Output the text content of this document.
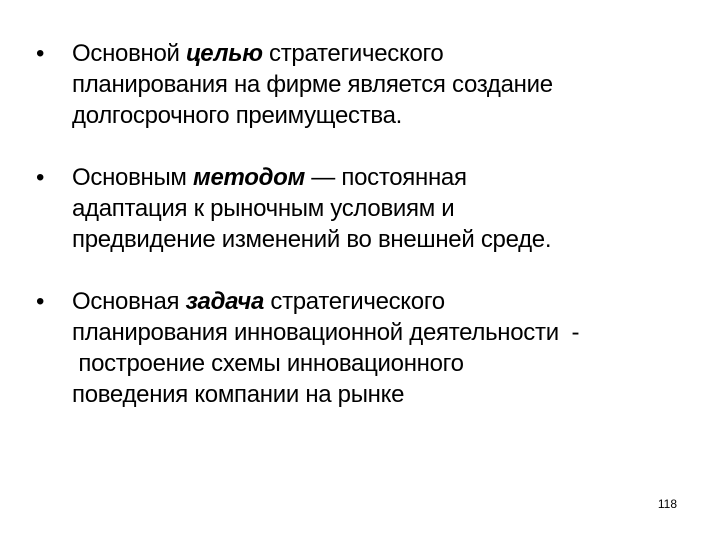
• Основной целью стратегического
планирования на фирме является создание
долгосрочного преимущества.
• Основным методом — постоянная
адаптация к рыночным условиям и
предвидение изменений во внешней среде.
• Основная задача стратегического
планирования инновационной деятельности  -
построение схемы инновационного
поведения компании на рынке
118
